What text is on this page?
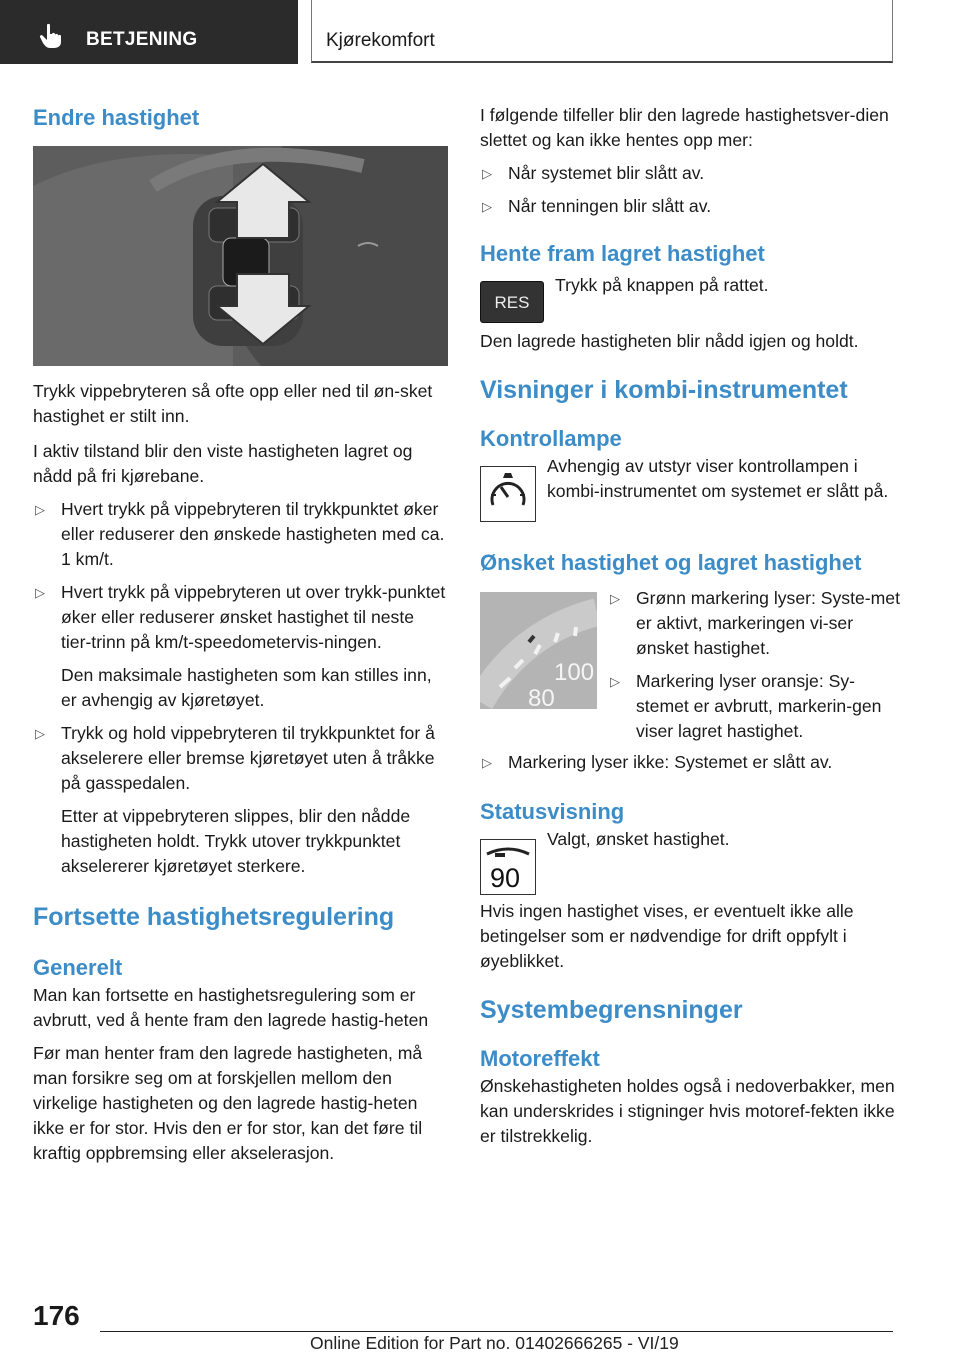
BETJENING	Kjørekomfort
Endre hastighet

Trykk vippebryteren så ofte opp eller ned til øn‐sket hastighet er stilt inn.

I aktiv tilstand blir den viste hastigheten lagret og nådd på fri kjørebane.

▷ Hvert trykk på vippebryteren til trykkpunktet øker eller reduserer den ønskede hastigheten med ca. 1 km/t.
▷ Hvert trykk på vippebryteren ut over trykk‐punktet øker eller reduserer ønsket hastighet til neste tier-trinn på km/t-speedometervis‐ningen.

Den maksimale hastigheten som kan stilles inn, er avhengig av kjøretøyet.

▷ Trykk og hold vippebryteren til trykkpunktet for å akselerere eller bremse kjøretøyet uten å tråkke på gasspedalen.

Etter at vippebryteren slippes, blir den nådde hastigheten holdt. Trykk utover trykkpunktet akselererer kjøretøyet sterkere.

Fortsette hastighetsregulering
Generelt

Man kan fortsette en hastighetsregulering som er avbrutt, ved å hente fram den lagrede hastig‐heten

Før man henter fram den lagrede hastigheten, må man forsikre seg om at forskjellen mellom den virkelige hastigheten og den lagrede hastig‐heten ikke er for stor. Hvis den er for stor, kan det føre til kraftig oppbremsing eller akselerasjon.

I følgende tilfeller blir den lagrede hastighetsver‐dien slettet og kan ikke hentes opp mer:

▷ Når systemet blir slått av.
▷ Når tenningen blir slått av.
Hente fram lagret hastighet
RES
Trykk på knappen på rattet.

Den lagrede hastigheten blir nådd igjen og holdt.

Visninger i kombi-instrumentet
Kontrollampe

Avhengig av utstyr viser kontrollampen i kombi-instrumentet om systemet er slått på.

Ønsket hastighet og lagret hastighet
100
80
▷ Grønn markering lyser: Syste‐met er aktivt, markeringen vi‐ser ønsket hastighet.
▷ Markering lyser oransje: Sy‐stemet er avbrutt, markerin‐gen viser lagret hastighet.
▷ Markering lyser ikke: Systemet er slått av.
Statusvisning
90
Valgt, ønsket hastighet.

Hvis ingen hastighet vises, er eventuelt ikke alle betingelser som er nødvendige for drift oppfylt i øyeblikket.

Systembegrensninger
Motoreffekt

Ønskehastigheten holdes også i nedoverbakker, men kan underskrides i stigninger hvis motoref‐fekten ikke er tilstrekkelig.

176
Online Edition for Part no. 01402666265 - VI/19
